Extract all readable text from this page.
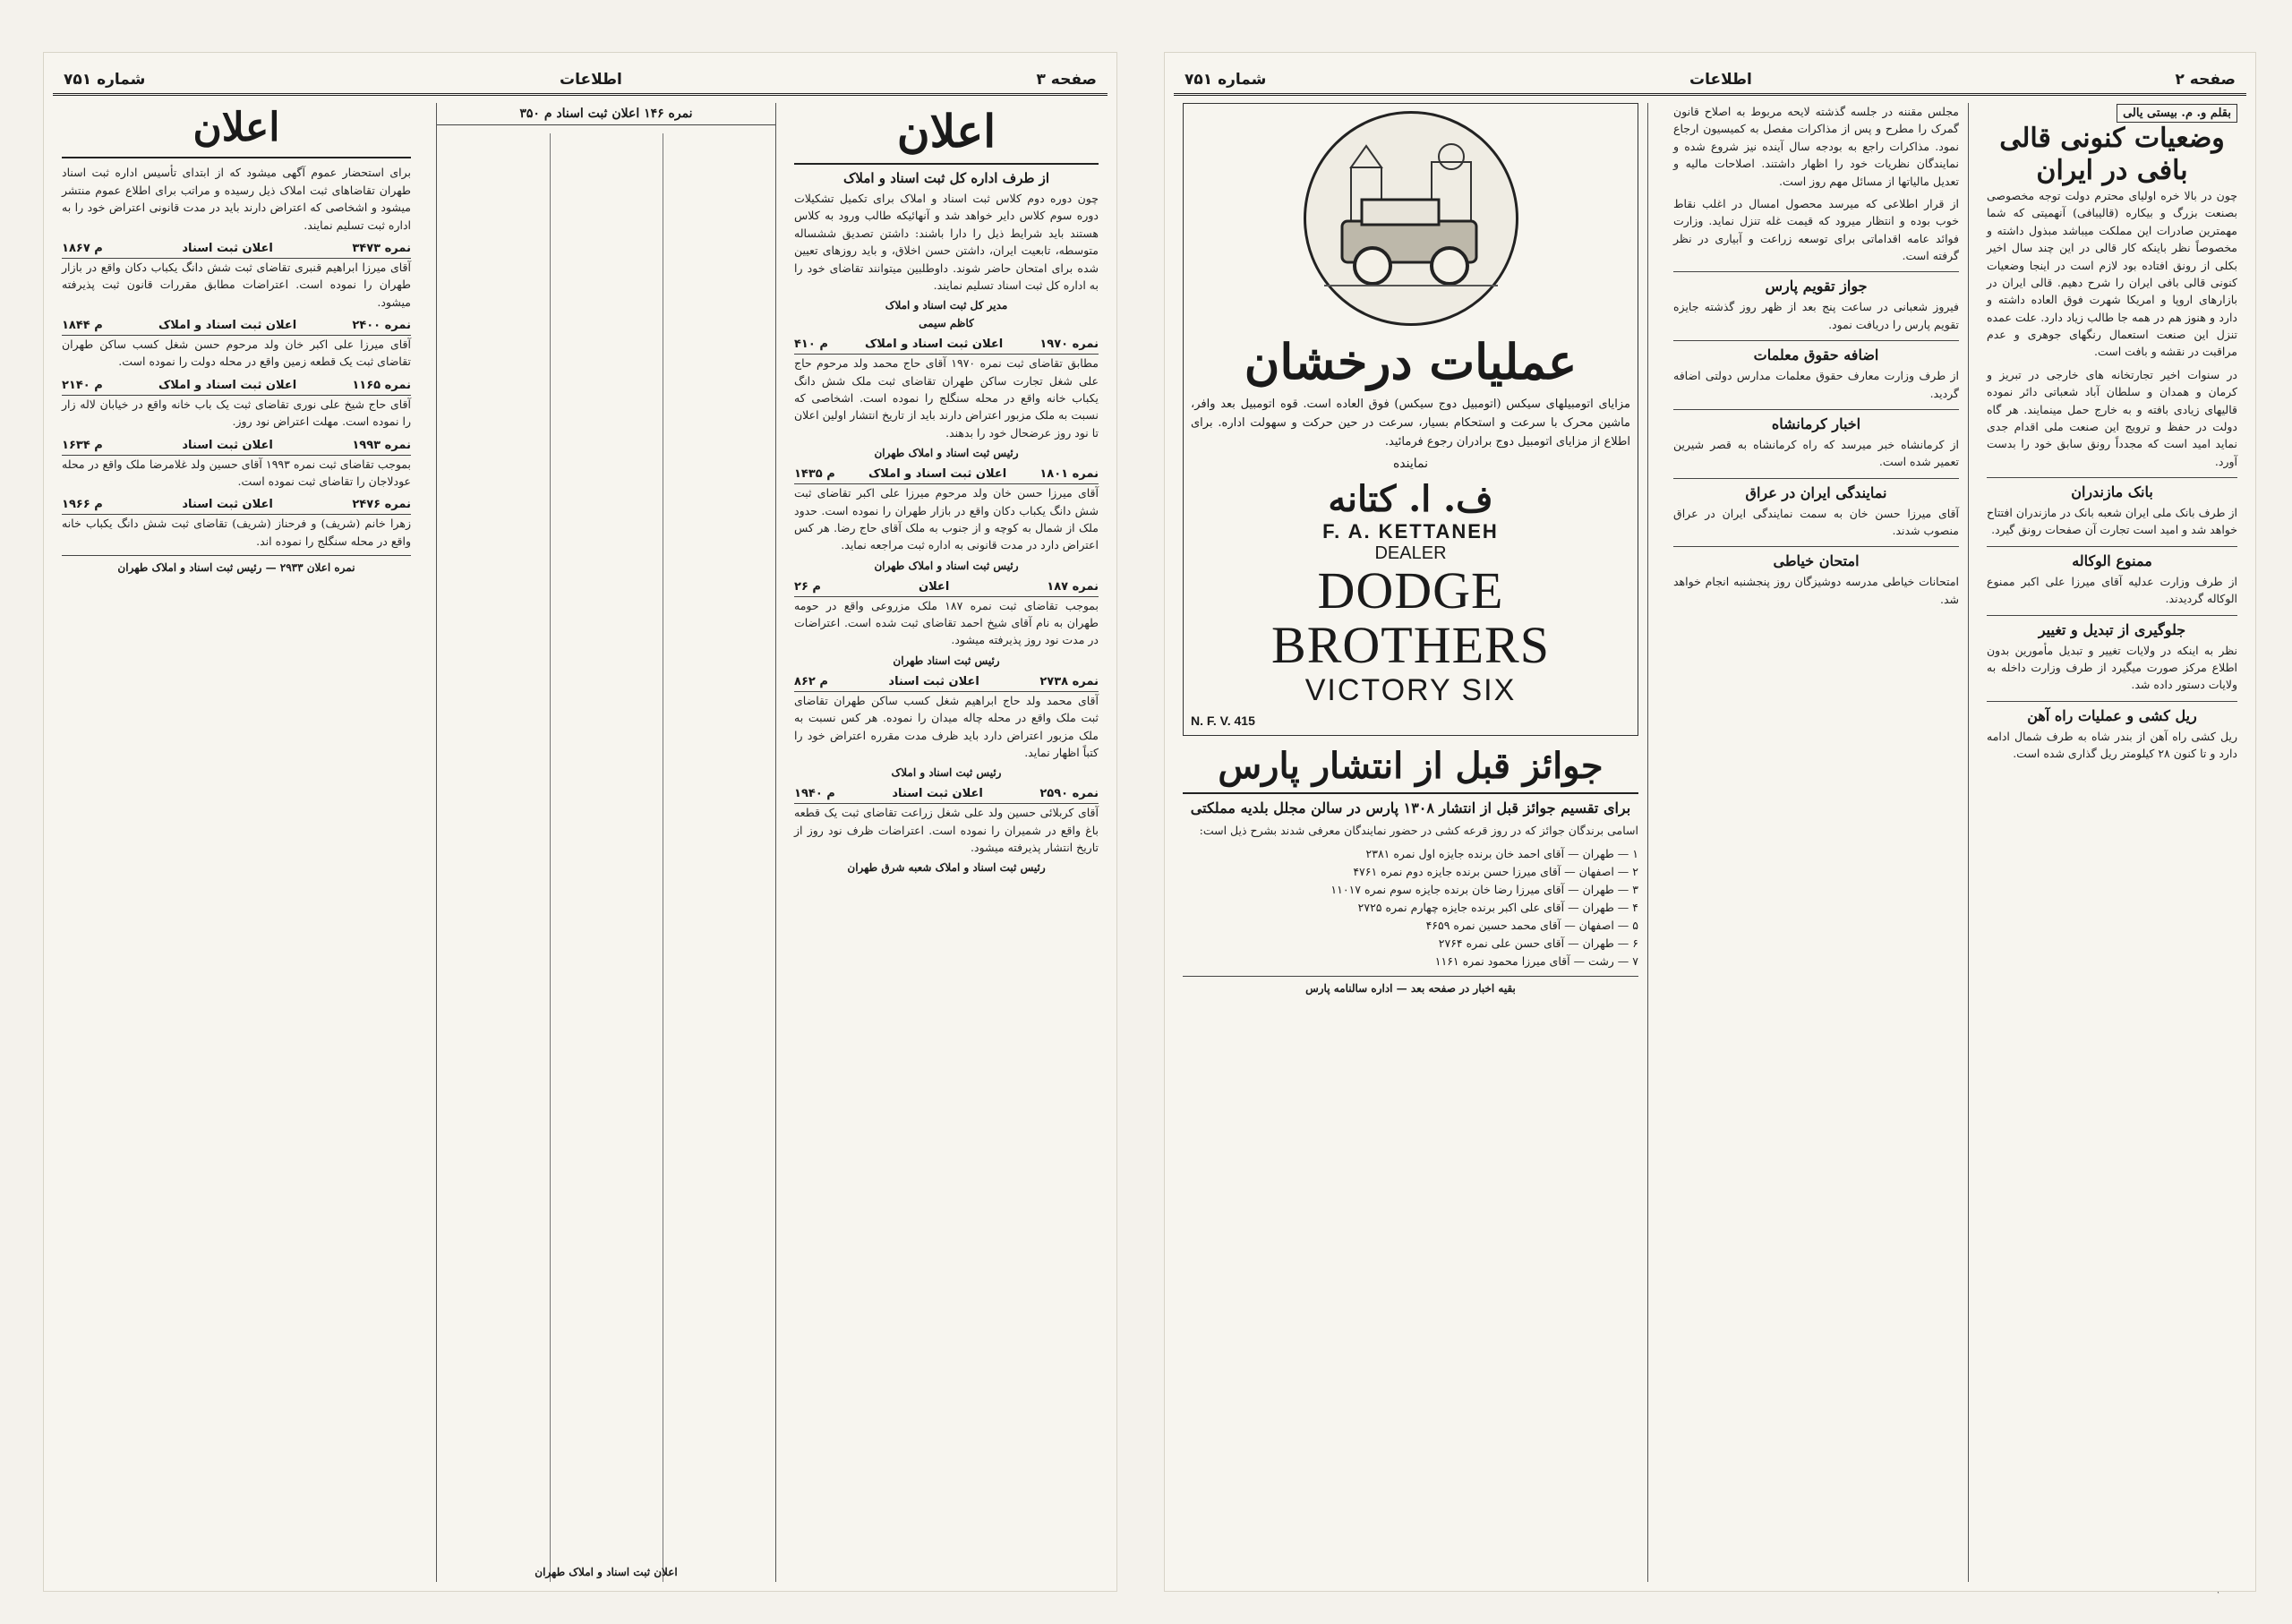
صفحه ۳
اطلاعات
شماره ۷۵۱
اعلان
از طرف اداره کل ثبت اسناد و املاک

چون دوره دوم کلاس ثبت اسناد و املاک برای تکمیل تشکیلات دوره سوم کلاس دایر خواهد شد و آنهائیکه طالب ورود به کلاس هستند باید شرایط ذیل را دارا باشند: داشتن تصدیق ششساله متوسطه، تابعیت ایران، داشتن حسن اخلاق، و باید روزهای تعیین شده برای امتحان حاضر شوند. داوطلبین میتوانند تقاضای خود را به اداره کل ثبت اسناد تسلیم نمایند.

مدیر کل ثبت اسناد و املاک
کاظم سیمی
نمره ۱۹۷۰
اعلان ثبت اسناد و املاک
م ۴۱۰

مطابق تقاضای ثبت نمره ۱۹۷۰ آقای حاج محمد ولد مرحوم حاج علی شغل تجارت ساکن طهران تقاضای ثبت ملک شش دانگ یکباب خانه واقع در محله سنگلج را نموده است. اشخاصی که نسبت به ملک مزبور اعتراض دارند باید از تاریخ انتشار اولین اعلان تا نود روز عرضحال خود را بدهند.

رئیس ثبت اسناد و املاک طهران
نمره ۱۸۰۱
اعلان ثبت اسناد و املاک
م ۱۴۳۵

آقای میرزا حسن خان ولد مرحوم میرزا علی اکبر تقاضای ثبت شش دانگ یکباب دکان واقع در بازار طهران را نموده است. حدود ملک از شمال به کوچه و از جنوب به ملک آقای حاج رضا. هر کس اعتراض دارد در مدت قانونی به اداره ثبت مراجعه نماید.

رئیس ثبت اسناد و املاک طهران
نمره ۱۸۷
اعلان
م ۲۶

بموجب تقاضای ثبت نمره ۱۸۷ ملک مزروعی واقع در حومه طهران به نام آقای شیخ احمد تقاضای ثبت شده است. اعتراضات در مدت نود روز پذیرفته میشود.

رئیس ثبت اسناد طهران
نمره ۲۷۳۸
اعلان ثبت اسناد
م ۸۶۲

آقای محمد ولد حاج ابراهیم شغل کسب ساکن طهران تقاضای ثبت ملک واقع در محله چاله میدان را نموده. هر کس نسبت به ملک مزبور اعتراض دارد باید ظرف مدت مقرره اعتراض خود را کتباً اظهار نماید.

رئیس ثبت اسناد و املاک
نمره ۲۵۹۰
اعلان ثبت اسناد
م ۱۹۴۰

آقای کربلائی حسین ولد علی شغل زراعت تقاضای ثبت یک قطعه باغ واقع در شمیران را نموده است. اعتراضات ظرف نود روز از تاریخ انتشار پذیرفته میشود.

رئیس ثبت اسناد و املاک شعبه شرق طهران
نمره ۱۴۶ اعلان ثبت اسناد م ۳۵۰
اعلان ثبت اسناد و املاک طهران
اعلان

برای استحضار عموم آگهی میشود که از ابتدای تأسیس اداره ثبت اسناد طهران تقاضاهای ثبت املاک ذیل رسیده و مراتب برای اطلاع عموم منتشر میشود و اشخاصی که اعتراض دارند باید در مدت قانونی اعتراض خود را به اداره ثبت تسلیم نمایند.

نمره ۳۴۷۳
اعلان ثبت اسناد
م ۱۸۶۷

آقای میرزا ابراهیم قنبری تقاضای ثبت شش دانگ یکباب دکان واقع در بازار طهران را نموده است. اعتراضات مطابق مقررات قانون ثبت پذیرفته میشود.

نمره ۲۴۰۰
اعلان ثبت اسناد و املاک
م ۱۸۴۴

آقای میرزا علی اکبر خان ولد مرحوم حسن شغل کسب ساکن طهران تقاضای ثبت یک قطعه زمین واقع در محله دولت را نموده است.

نمره ۱۱۶۵
اعلان ثبت اسناد و املاک
م ۲۱۴۰

آقای حاج شیخ علی نوری تقاضای ثبت یک باب خانه واقع در خیابان لاله زار را نموده است. مهلت اعتراض نود روز.

نمره ۱۹۹۳
اعلان ثبت اسناد
م ۱۶۳۴

بموجب تقاضای ثبت نمره ۱۹۹۳ آقای حسین ولد غلامرضا ملک واقع در محله عودلاجان را تقاضای ثبت نموده است.

نمره ۲۴۷۶
اعلان ثبت اسناد
م ۱۹۶۶

زهرا خانم (شریف) و فرحناز (شریف) تقاضای ثبت شش دانگ یکباب خانه واقع در محله سنگلج را نموده اند.

نمره اعلان ۲۹۳۳ — رئیس ثبت اسناد و املاک طهران
صفحه ۲
اطلاعات
شماره ۷۵۱
بقلم و. م. بیستی یالی
وضعیات کنونی قالی بافی در ایران

چون در بالا خره اولیای محترم دولت توجه مخصوصی بصنعت بزرگ و بیکاره (قالیبافی) آنهمیتی که شما مهمترین صادرات این مملکت میباشد مبذول داشته و مخصوصاً نظر باینکه کار قالی در این چند سال اخیر بکلی از رونق افتاده بود لازم است در اینجا وضعیات کنونی قالی بافی ایران را شرح دهیم. قالی ایران در بازارهای اروپا و امریکا شهرت فوق العاده داشته و دارد و هنوز هم در همه جا طالب زیاد دارد. علت عمده تنزل این صنعت استعمال رنگهای جوهری و عدم مراقبت در نقشه و بافت است.

در سنوات اخیر تجارتخانه های خارجی در تبریز و کرمان و همدان و سلطان آباد شعباتی دائر نموده قالیهای زیادی بافته و به خارج حمل مینمایند. هر گاه دولت در حفظ و ترویج این صنعت ملی اقدام جدی نماید امید است که مجدداً رونق سابق خود را بدست آورد.

بانک مازندران

از طرف بانک ملی ایران شعبه بانک در مازندران افتتاح خواهد شد و امید است تجارت آن صفحات رونق گیرد.

ممنوع الوکاله

از طرف وزارت عدلیه آقای میرزا علی اکبر ممنوع الوکاله گردیدند.

جلوگیری از تبدیل و تغییر

نظر به اینکه در ولایات تغییر و تبدیل مأمورین بدون اطلاع مرکز صورت میگیرد از طرف وزارت داخله به ولایات دستور داده شد.

ریل کشی و عملیات راه آهن

ریل کشی راه آهن از بندر شاه به طرف شمال ادامه دارد و تا کنون ۲۸ کیلومتر ریل گذاری شده است.

مجلس مقننه در جلسه گذشته لایحه مربوط به اصلاح قانون گمرک را مطرح و پس از مذاکرات مفصل به کمیسیون ارجاع نمود. مذاکرات راجع به بودجه سال آینده نیز شروع شده و نمایندگان نظریات خود را اظهار داشتند. اصلاحات مالیه و تعدیل مالیاتها از مسائل مهم روز است.

از قرار اطلاعی که میرسد محصول امسال در اغلب نقاط خوب بوده و انتظار میرود که قیمت غله تنزل نماید. وزارت فوائد عامه اقداماتی برای توسعه زراعت و آبیاری در نظر گرفته است.

جواز تقویم پارس

فیروز شعبانی در ساعت پنج بعد از ظهر روز گذشته جایزه تقویم پارس را دریافت نمود.

اضافه حقوق معلمات

از طرف وزارت معارف حقوق معلمات مدارس دولتی اضافه گردید.

اخبار کرمانشاه

از کرمانشاه خبر میرسد که راه کرمانشاه به قصر شیرین تعمیر شده است.

نمایندگی ایران در عراق

آقای میرزا حسن خان به سمت نمایندگی ایران در عراق منصوب شدند.

امتحان خیاطی

امتحانات خیاطی مدرسه دوشیزگان روز پنجشنبه انجام خواهد شد.

عملیات درخشان

مزایای اتومبیلهای سیکس (اتومبیل دوج سیکس) فوق العاده است. قوه اتومبیل بعد وافر، ماشین محرک با سرعت و استحکام بسیار، سرعت در حین حرکت و سهولت اداره. برای اطلاع از مزایای اتومبیل دوج برادران رجوع فرمائید.

نماینده
ف. ا. کتانه
F. A. KETTANEH
DEALER
DODGE BROTHERS
VICTORY SIX
N. F. V. 415
جوائز قبل از انتشار پارس
برای تقسیم جوائز قبل از انتشار ۱۳۰۸ پارس در سالن مجلل بلدیه مملکتی

اسامی برندگان جوائز که در روز قرعه کشی در حضور نمایندگان معرفی شدند بشرح ذیل است:

۱ — طهران — آقای احمد خان برنده جایزه اول نمره ۲۳۸۱
۲ — اصفهان — آقای میرزا حسن برنده جایزه دوم نمره ۴۷۶۱
۳ — طهران — آقای میرزا رضا خان برنده جایزه سوم نمره ۱۱۰۱۷
۴ — طهران — آقای علی اکبر برنده جایزه چهارم نمره ۲۷۲۵
۵ — اصفهان — آقای محمد حسین نمره ۴۶۵۹
۶ — طهران — آقای حسن علی نمره ۲۷۶۴
۷ — رشت — آقای میرزا محمود نمره ۱۱۶۱
بقیه اخبار در صفحه بعد — اداره سالنامه پارس
